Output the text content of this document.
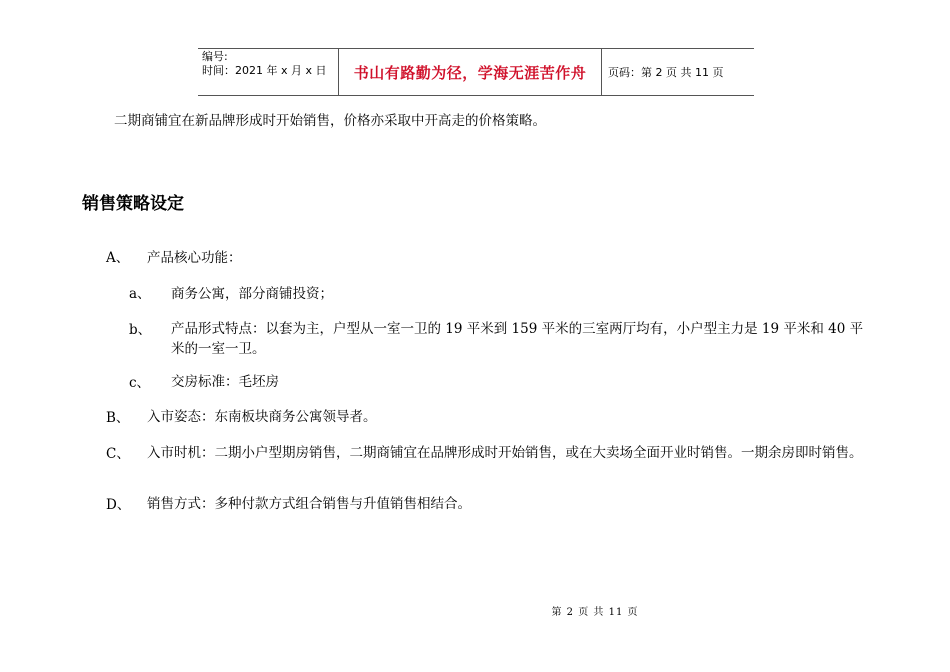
编号:
时间：2021 年 x 月 x 日	书山有路勤为径，学海无涯苦作舟	页码：第 2 页 共 11 页
二期商铺宜在新品牌形成时开始销售，价格亦采取中开高走的价格策略。
销售策略设定
A、 产品核心功能：
a、 商务公寓，部分商铺投资；
b、 产品形式特点：以套为主，户型从一室一卫的 19 平米到 159 平米的三室两厅均有，小户型主力是 19 平米和 40 平米的一室一卫。
c、 交房标准：毛坯房
B、 入市姿态：东南板块商务公寓领导者。
C、 入市时机：二期小户型期房销售，二期商铺宜在品牌形成时开始销售，或在大卖场全面开业时销售。一期余房即时销售。
D、 销售方式：多种付款方式组合销售与升值销售相结合。
第 2 页 共 11 页
